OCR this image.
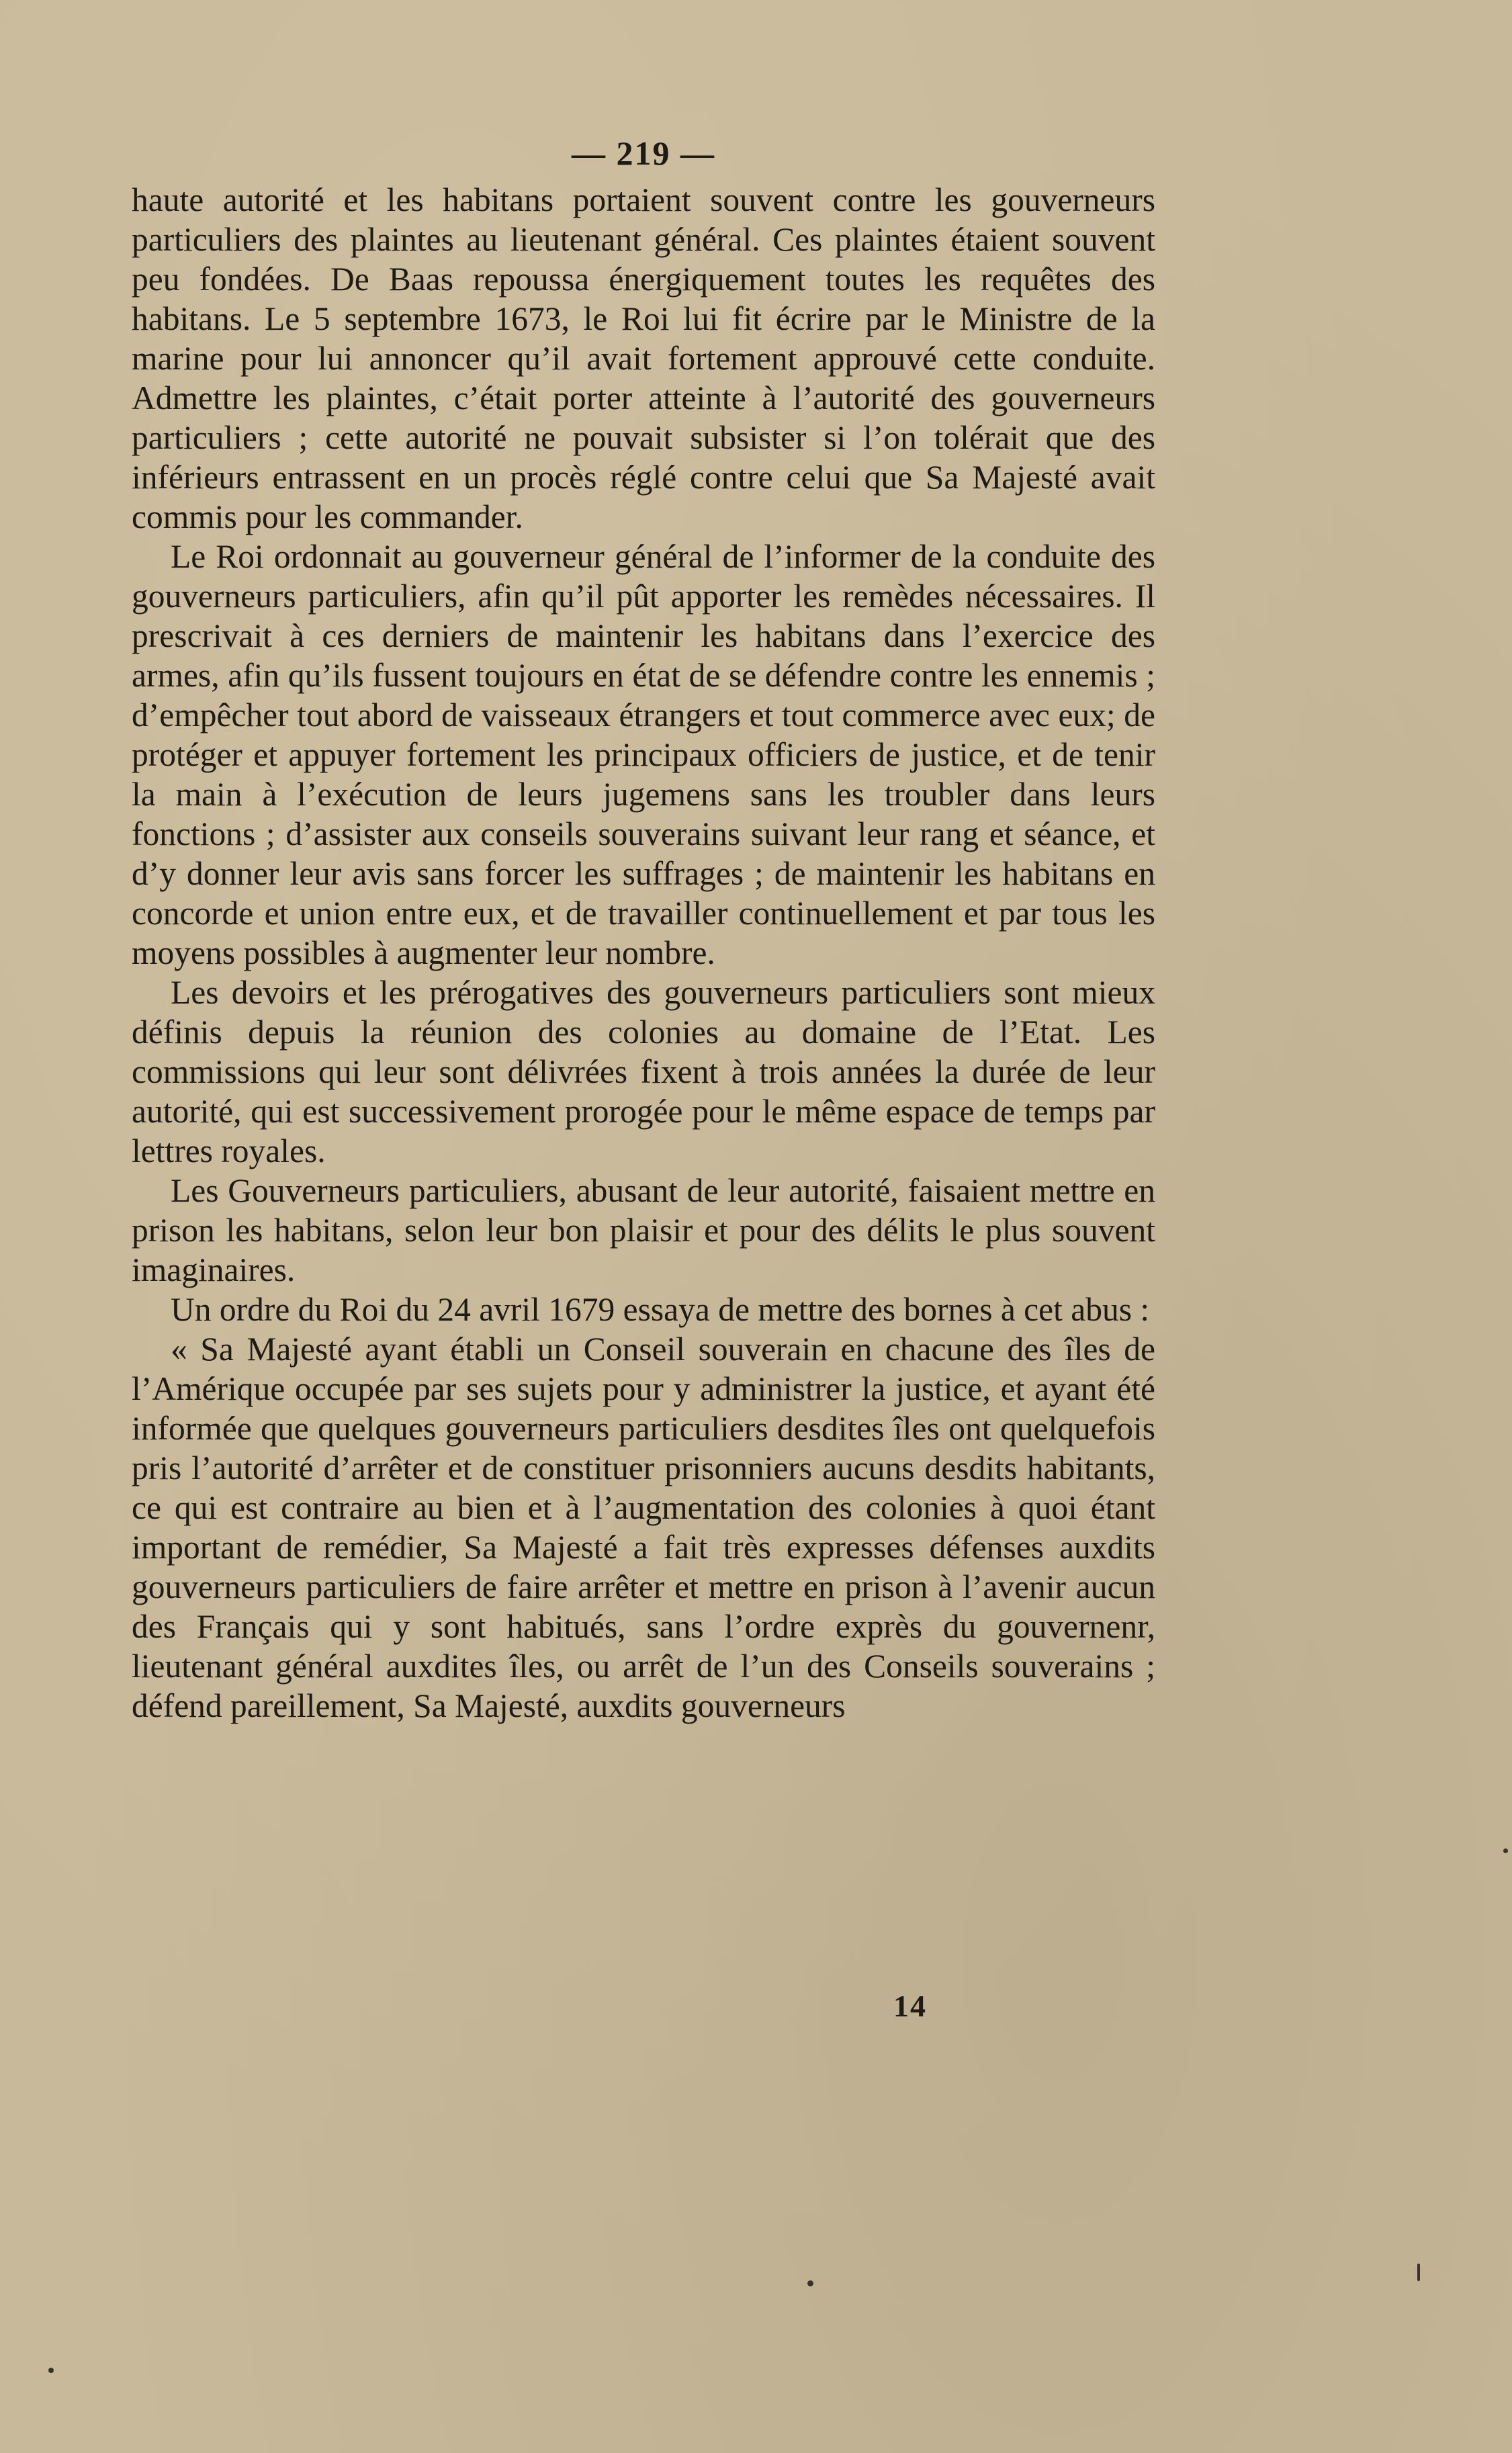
— 219 —

haute autorité et les habitans portaient souvent contre les gouverneurs particuliers des plaintes au lieutenant général. Ces plaintes étaient souvent peu fondées. De Baas repoussa énergiquement toutes les requêtes des habitans. Le 5 septembre 1673, le Roi lui fit écrire par le Ministre de la marine pour lui annoncer qu’il avait fortement approuvé cette conduite. Admettre les plaintes, c’était porter atteinte à l’autorité des gouverneurs particuliers ; cette autorité ne pouvait subsister si l’on tolérait que des inférieurs entrassent en un procès réglé contre celui que Sa Majesté avait commis pour les commander.

Le Roi ordonnait au gouverneur général de l’informer de la conduite des gouverneurs particuliers, afin qu’il pût apporter les remèdes nécessaires. Il prescrivait à ces derniers de maintenir les habitans dans l’exercice des armes, afin qu’ils fussent toujours en état de se défendre contre les ennemis ; d’empêcher tout abord de vaisseaux étrangers et tout commerce avec eux; de protéger et appuyer fortement les principaux officiers de justice, et de tenir la main à l’exécution de leurs jugemens sans les troubler dans leurs fonctions ; d’assister aux conseils souverains suivant leur rang et séance, et d’y donner leur avis sans forcer les suffrages ; de maintenir les habitans en concorde et union entre eux, et de travailler continuellement et par tous les moyens possibles à augmenter leur nombre.

Les devoirs et les prérogatives des gouverneurs particuliers sont mieux définis depuis la réunion des colonies au domaine de l’Etat. Les commissions qui leur sont délivrées fixent à trois années la durée de leur autorité, qui est successivement prorogée pour le même espace de temps par lettres royales.

Les Gouverneurs particuliers, abusant de leur autorité, faisaient mettre en prison les habitans, selon leur bon plaisir et pour des délits le plus souvent imaginaires.

Un ordre du Roi du 24 avril 1679 essaya de mettre des bornes à cet abus :

« Sa Majesté ayant établi un Conseil souverain en chacune des îles de l’Amérique occupée par ses sujets pour y administrer la justice, et ayant été informée que quelques gouverneurs particuliers desdites îles ont quelquefois pris l’autorité d’arrêter et de constituer prisonniers aucuns desdits habitants, ce qui est contraire au bien et à l’augmentation des colonies à quoi étant important de remédier, Sa Majesté a fait très expresses défenses auxdits gouverneurs particuliers de faire arrêter et mettre en prison à l’avenir aucun des Français qui y sont habitués, sans l’ordre exprès du gouvernenr, lieutenant général auxdites îles, ou arrêt de l’un des Conseils souverains ; défend pareillement, Sa Majesté, auxdits gouverneurs

14
